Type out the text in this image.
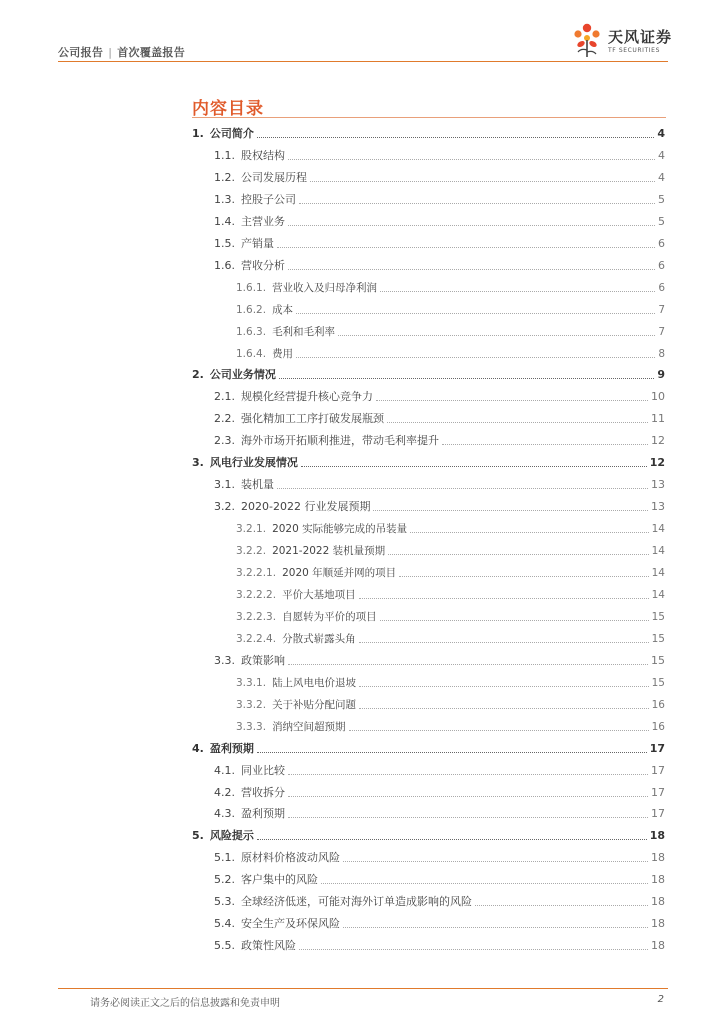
公司报告 | 首次覆盖报告
天风证券
TF SECURITIES
内容目录
1. 公司简介	4
1.1. 股权结构	4
1.2. 公司发展历程	4
1.3. 控股子公司	5
1.4. 主营业务	5
1.5. 产销量	6
1.6. 营收分析	6
1.6.1. 营业收入及归母净利润	6
1.6.2. 成本	7
1.6.3. 毛利和毛利率	7
1.6.4. 费用	8
2. 公司业务情况	9
2.1. 规模化经营提升核心竞争力	10
2.2. 强化精加工工序打破发展瓶颈	11
2.3. 海外市场开拓顺利推进，带动毛利率提升	12
3. 风电行业发展情况	12
3.1. 装机量	13
3.2. 2020-2022 行业发展预期	13
3.2.1. 2020 实际能够完成的吊装量	14
3.2.2. 2021-2022 装机量预期	14
3.2.2.1. 2020 年顺延并网的项目	14
3.2.2.2. 平价大基地项目	14
3.2.2.3. 自愿转为平价的项目	15
3.2.2.4. 分散式崭露头角	15
3.3. 政策影响	15
3.3.1. 陆上风电电价退坡	15
3.3.2. 关于补贴分配问题	16
3.3.3. 消纳空间超预期	16
4. 盈利预期	17
4.1. 同业比较	17
4.2. 营收拆分	17
4.3. 盈利预期	17
5. 风险提示	18
5.1. 原材料价格波动风险	18
5.2. 客户集中的风险	18
5.3. 全球经济低迷，可能对海外订单造成影响的风险	18
5.4. 安全生产及环保风险	18
5.5. 政策性风险	18
请务必阅读正文之后的信息披露和免责申明	2
